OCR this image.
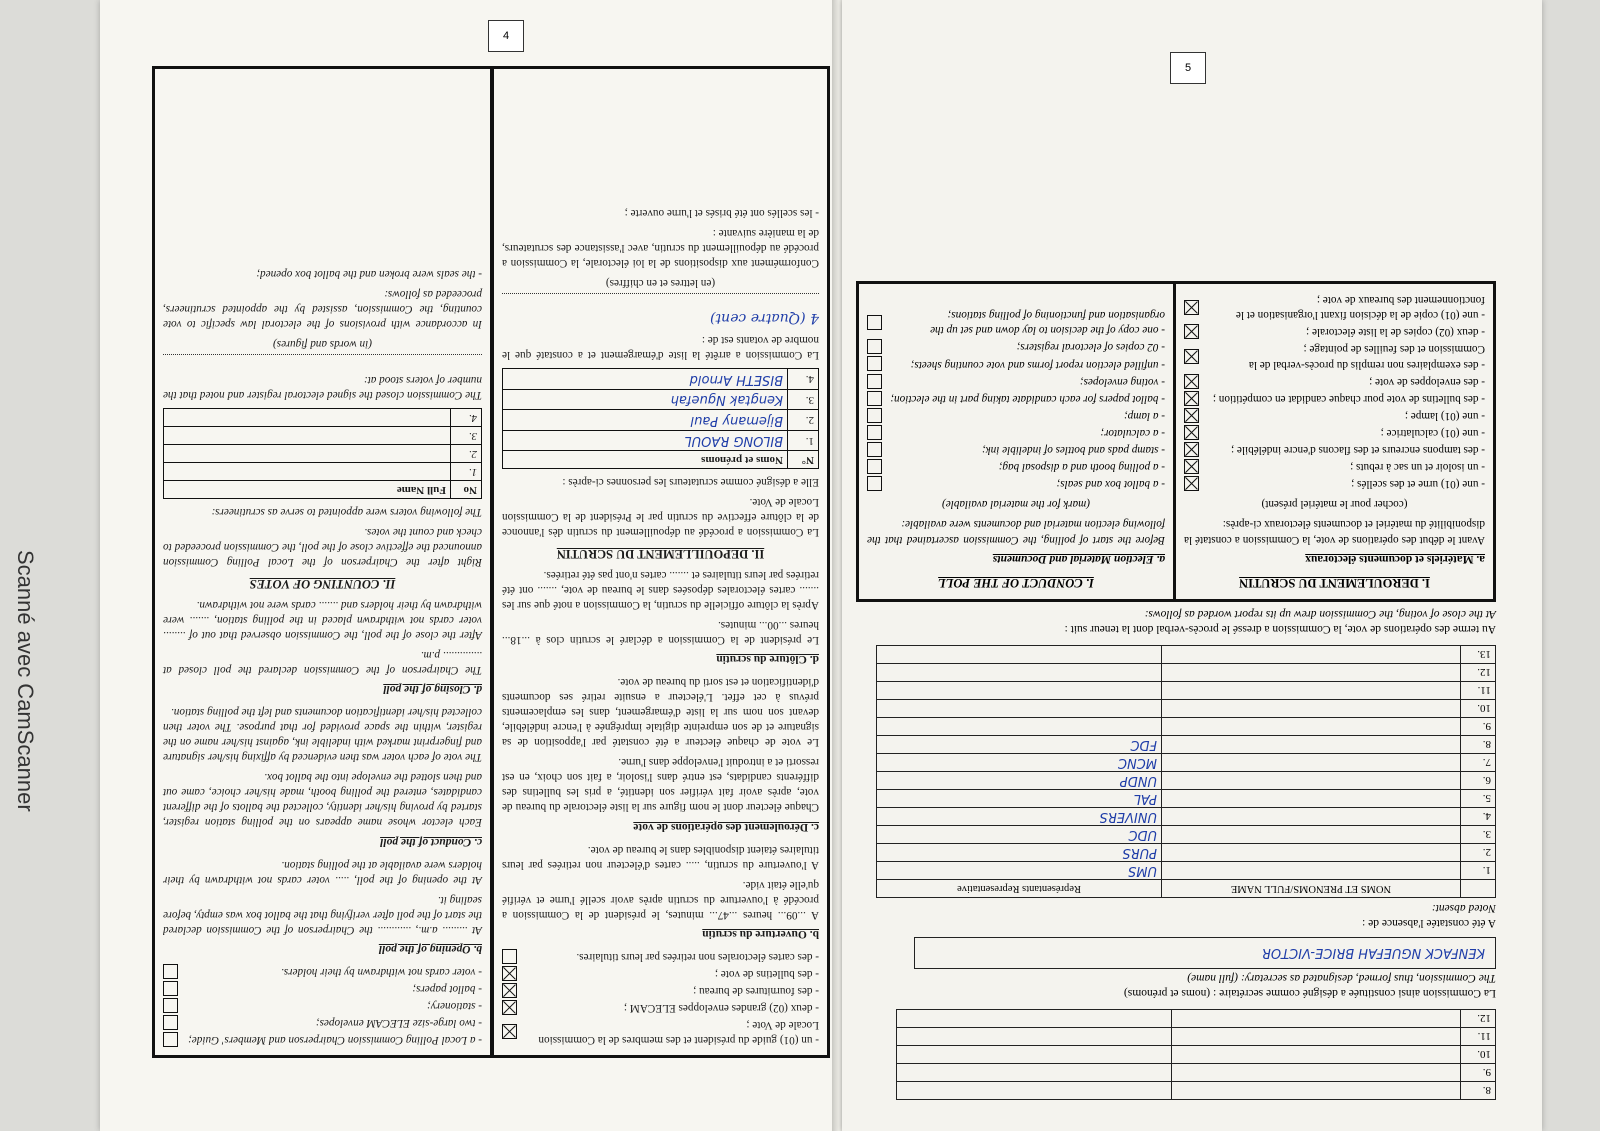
4
5
- un (01) guide du président et des membres de la Commission Locale de Vote ;
- deux (02) grandes enveloppes ELECAM ;
- des fournitures de bureau ;
- des bulletins de vote ;
- des cartes électorales non retirées par leurs titulaires.
b. Ouverture du scrutin

A ...09... heures ...47... minutes, le président de la Commission a procédé à l'ouverture du scrutin après avoir scellé l'urne et vérifié qu'elle était vide.

A l'ouverture du scrutin, ..... cartes d'électeur non retirées par leurs titulaires étaient disponibles dans le bureau de vote.

c. Déroulement des opérations de vote

Chaque électeur dont le nom figure sur la liste électorale du bureau de vote, après avoir fait vérifier son identité, a pris les bulletins des différents candidats, est entré dans l'isoloir, a fait son choix, en est ressorti et a introduit l'enveloppe dans l'urne.

Le vote de chaque électeur a été constaté par l'apposition de sa signature et de son empreinte digitale imprégnée à l'encre indélébile, devant son nom sur la liste d'émargement, dans les emplacements prévus à cet effet. L'électeur a ensuite retiré ses documents d'identification et est sorti du bureau de vote.

d. Clôture du scrutin

Le président de la Commission a déclaré le scrutin clos à ...18... heures ...00... minutes.

Après la clôture officielle du scrutin, la Commission a noté que sur les ....... cartes électorales déposées dans le bureau de vote, ....... ont été retirées par leurs titulaires et ....... cartes n'ont pas été retirées.

II. DEPOUILLEMENT DU SCRUTIN

La Commission a procédé au dépouillement du scrutin dès l'annonce de la clôture effective du scrutin par le Président de la Commission Locale de Vote.

Elle a désigné comme scrutateurs les personnes ci-après :

N°	Noms et prénoms
1.	BILONG RAOUL
2.	Bijemany Paul
3.	Kengtak Nguefah
4.	BISETH Arnold

La Commission a arrêté la liste d'émargement et a constaté que le nombre de votants est de :

4 (Quatre cent)

(en lettres et en chiffres)

Conformément aux dispositions de la loi électorale, la Commission a procédé au dépouillement du scrutin, avec l'assistance des scrutateurs, de la manière suivante :

- les scellés ont été brisés et l'urne ouverte ;

- a Local Polling Commission Chairperson and Members' Guide;
- two large-size ELECAM envelopes;
- stationery;
- ballot papers;
- voter cards not withdrawn by their holders.
b. Opening of the poll

At ......... a.m., ............ the Chairperson of the Commission declared the start of the poll after verifying that the ballot box was empty, before sealing it.

At the opening of the poll, ..... voter cards not withdrawn by their holders were available at the polling station.

c. Conduct of the poll

Each elector whose name appears on the polling station register, started by proving his/her identity, collected the ballots of the different candidates, entered the polling booth, made his/her choice, came out and then slotted the envelope into the ballot box.

The vote of each voter was then evidenced by affixing his/her signature and fingerprint marked with indelible ink, against his/her name on the register, within the space provided for that purpose. The voter then collected his/her identification documents and left the polling station.

d. Closing of the poll

The Chairperson of the Commission declared the poll closed at .............. p.m.

After the close of the poll, the Commission observed that out of ........ voter cards not withdrawn placed in the polling station, ....... were withdrawn by their holders and ....... cards were not withdrawn.

II. COUNTING OF VOTES

Right after the Chairperson of the Local Polling Commission announced the effective close of the poll, the Commission proceeded to check and count the votes.

The following voters were appointed to serve as scrutineers:

No	Full Name
1.	
2.	
3.	
4.	

The Commission closed the signed electoral register and noted that the number of voters stood at:

(in words and figures)

In accordance with provisions of the electoral law specific to vote counting, the Commission, assisted by the appointed scrutineers, proceeded as follows:

- the seals were broken and the ballot box opened;

8.		
9.		
10.		
11.		
12.		
La Commission ainsi constituée a désigné comme secrétaire : (noms et prénoms)
The Commission, thus formed, designated as secretary: (full name)
KENFACK NGUEFAH BRICE-VICTOR
A été constatée l'absence de :
Noted absent:
	NOMS ET PRENOMS/FULL NAME	Représentants Representative
1.		UMS
2.		PURS
3.		UDC
4.		UNIVERS
5.		PAL
6.		UNDP
7.		MCNC
8.		FDC
9.		
10.		
11.		
12.		
13.		
Au terme des opérations de vote, la Commission a dressé le procès-verbal dont la teneur suit :
At the close of voting, the Commission drew up its report worded as follows:
I. DEROULEMENT DU SCRUTIN
a. Matériels et documents électoraux

Avant le début des opérations de vote, la Commission a constaté la disponibilité du matériel et documents électoraux ci-après:

(cocher pour le matériel présent)

- une (01) urne et des scellés ;
- un isoloir et un sac à rebuts ;
- des tampons encreurs et des flacons d'encre indélébile ;
- une (01) calculatrice ;
- une (01) lampe ;
- des bulletins de vote pour chaque candidat en compétition ;
- des enveloppes de vote ;
- des exemplaires non remplis du procès-verbal de la Commission et des feuilles de pointage ;
- deux (02) copies de la liste électorale ;
- une (01) copie de la décision fixant l'organisation et le fonctionnement des bureaux de vote ;
I. CONDUCT OF THE POLL
a. Election Material and Documents

Before the start of polling, the Commission ascertained that the following election material and documents were available:

(mark for the material available)

- a ballot box and seals;
- a polling booth and a disposal bag;
- stamp pads and bottles of indelible ink;
- a calculator;
- a lamp;
- ballot papers for each candidate taking part in the election;
- voting envelopes;
- unfilled election report forms and vote counting sheets;
- 02 copies of electoral registers;
- one copy of the decision to lay down and set up the organisation and functioning of polling stations;
Scanné avec CamScanner
